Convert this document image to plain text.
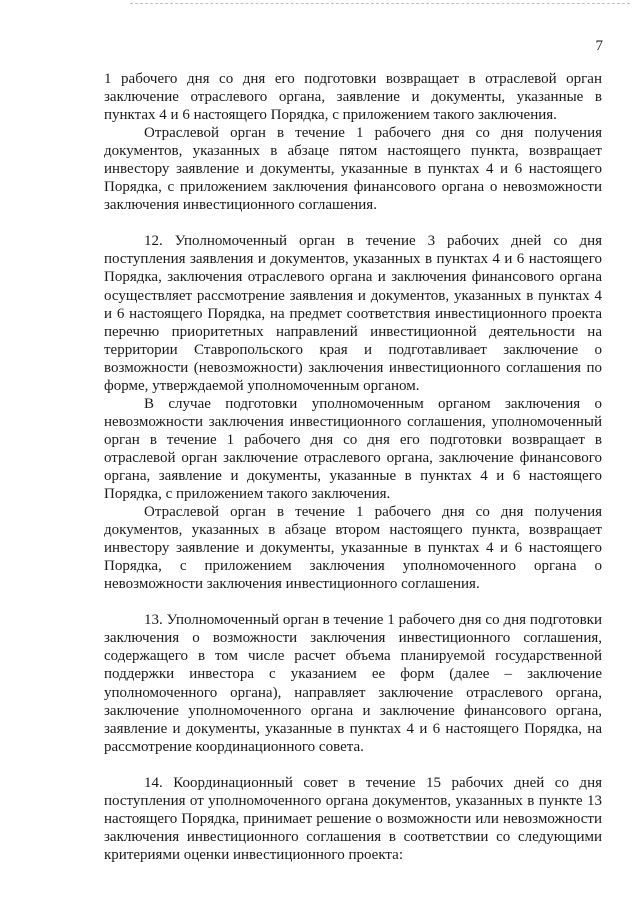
7

1 рабочего дня со дня его подготовки возвращает в отраслевой орган заключение отраслевого органа, заявление и документы, указанные в пунктах 4 и 6 настоящего Порядка, с приложением такого заключения.

Отраслевой орган в течение 1 рабочего дня со дня получения документов, указанных в абзаце пятом настоящего пункта, возвращает инвестору заявление и документы, указанные в пунктах 4 и 6 настоящего Порядка, с приложением заключения финансового органа о невозможности заключения инвестиционного соглашения.

12. Уполномоченный орган в течение 3 рабочих дней со дня поступления заявления и документов, указанных в пунктах 4 и 6 настоящего Порядка, заключения отраслевого органа и заключения финансового органа осуществляет рассмотрение заявления и документов, указанных в пунктах 4 и 6 настоящего Порядка, на предмет соответствия инвестиционного проекта перечню приоритетных направлений инвестиционной деятельности на территории Ставропольского края и подготавливает заключение о возможности (невозможности) заключения инвестиционного соглашения по форме, утверждаемой уполномоченным органом.

В случае подготовки уполномоченным органом заключения о невозможности заключения инвестиционного соглашения, уполномоченный орган в течение 1 рабочего дня со дня его подготовки возвращает в отраслевой орган заключение отраслевого органа, заключение финансового органа, заявление и документы, указанные в пунктах 4 и 6 настоящего Порядка, с приложением такого заключения.

Отраслевой орган в течение 1 рабочего дня со дня получения документов, указанных в абзаце втором настоящего пункта, возвращает инвестору заявление и документы, указанные в пунктах 4 и 6 настоящего Порядка, с приложением заключения уполномоченного органа о невозможности заключения инвестиционного соглашения.

13. Уполномоченный орган в течение 1 рабочего дня со дня подготовки заключения о возможности заключения инвестиционного соглашения, содержащего в том числе расчет объема планируемой государственной поддержки инвестора с указанием ее форм (далее – заключение уполномоченного органа), направляет заключение отраслевого органа, заключение уполномоченного органа и заключение финансового органа, заявление и документы, указанные в пунктах 4 и 6 настоящего Порядка, на рассмотрение координационного совета.

14. Координационный совет в течение 15 рабочих дней со дня поступления от уполномоченного органа документов, указанных в пункте 13 настоящего Порядка, принимает решение о возможности или невозможности заключения инвестиционного соглашения в соответствии со следующими критериями оценки инвестиционного проекта:
